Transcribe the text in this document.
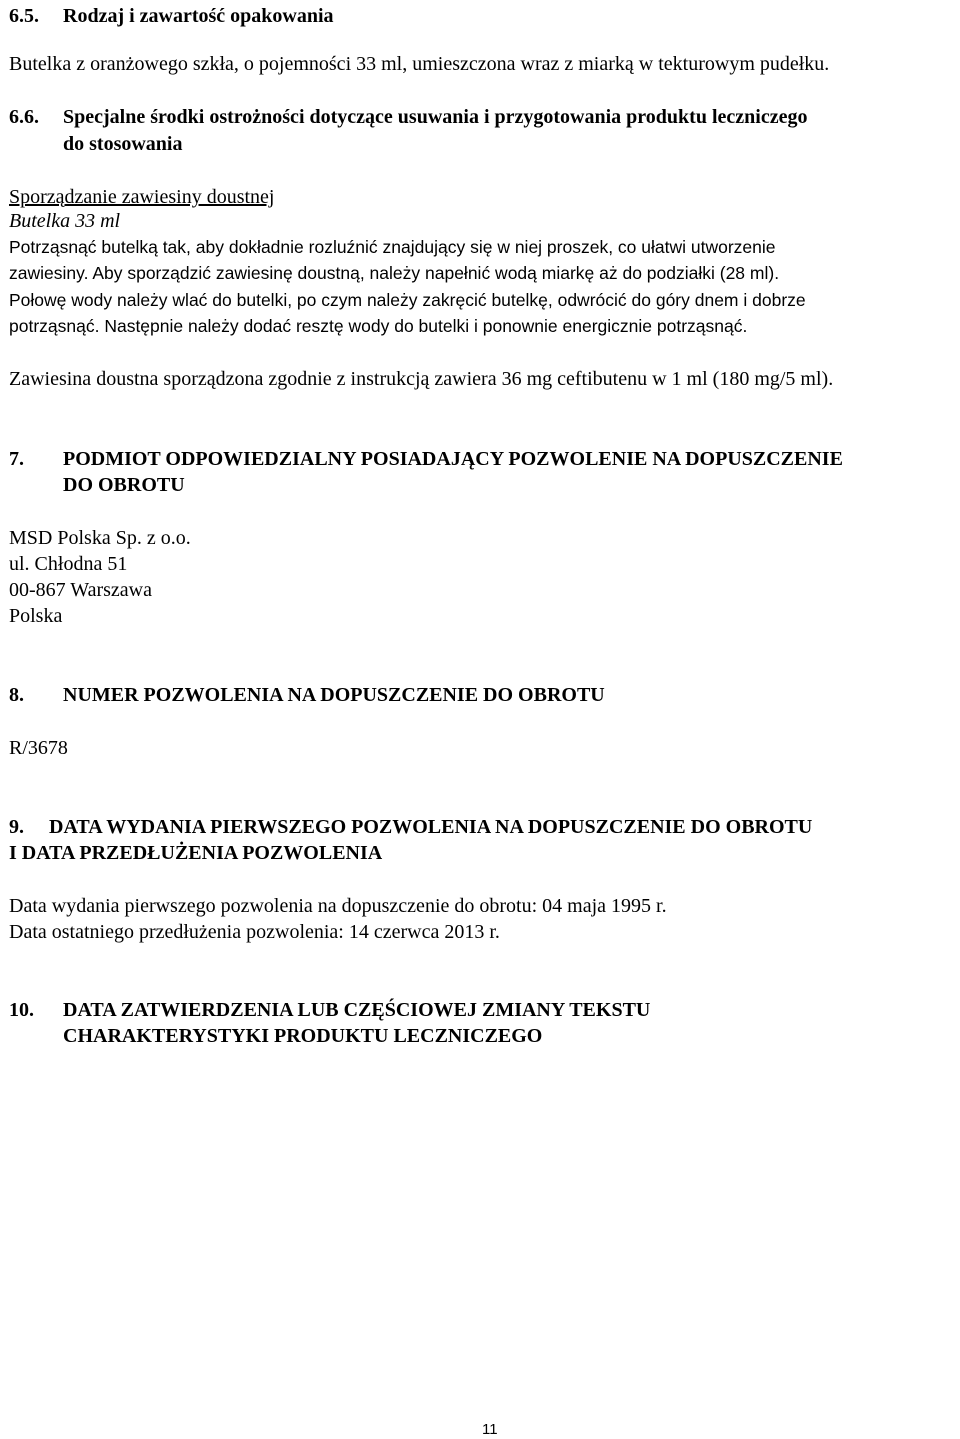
6.5. Rodzaj i zawartość opakowania
Butelka z oranżowego szkła, o pojemności 33 ml, umieszczona wraz z miarką w tekturowym pudełku.
6.6. Specjalne środki ostrożności dotyczące usuwania i przygotowania produktu leczniczego
do stosowania
Sporządzanie zawiesiny doustnej
Butelka 33 ml
Potrząsnąć butelką tak, aby dokładnie rozluźnić znajdujący się w niej proszek, co ułatwi utworzenie
zawiesiny. Aby sporządzić zawiesinę doustną, należy napełnić wodą miarkę aż do podziałki (28 ml).
Połowę wody należy wlać do butelki, po czym należy zakręcić butelkę, odwrócić do góry dnem i dobrze
potrząsnąć. Następnie należy dodać resztę wody do butelki i ponownie energicznie potrząsnąć.
Zawiesina doustna sporządzona zgodnie z instrukcją zawiera 36 mg ceftibutenu w 1 ml (180 mg/5 ml).
7. PODMIOT ODPOWIEDZIALNY POSIADAJĄCY POZWOLENIE NA DOPUSZCZENIE
DO OBROTU
MSD Polska Sp. z o.o.
ul. Chłodna 51
00-867 Warszawa
Polska
8. NUMER POZWOLENIA NA DOPUSZCZENIE DO OBROTU
R/3678
9. DATA WYDANIA PIERWSZEGO POZWOLENIA NA DOPUSZCZENIE DO OBROTU
I DATA PRZEDŁUŻENIA POZWOLENIA
Data wydania pierwszego pozwolenia na dopuszczenie do obrotu: 04 maja 1995 r.
Data ostatniego przedłużenia pozwolenia: 14 czerwca 2013 r.
10. DATA ZATWIERDZENIA LUB CZĘŚCIOWEJ ZMIANY TEKSTU
CHARAKTERYSTYKI PRODUKTU LECZNICZEGO
11
